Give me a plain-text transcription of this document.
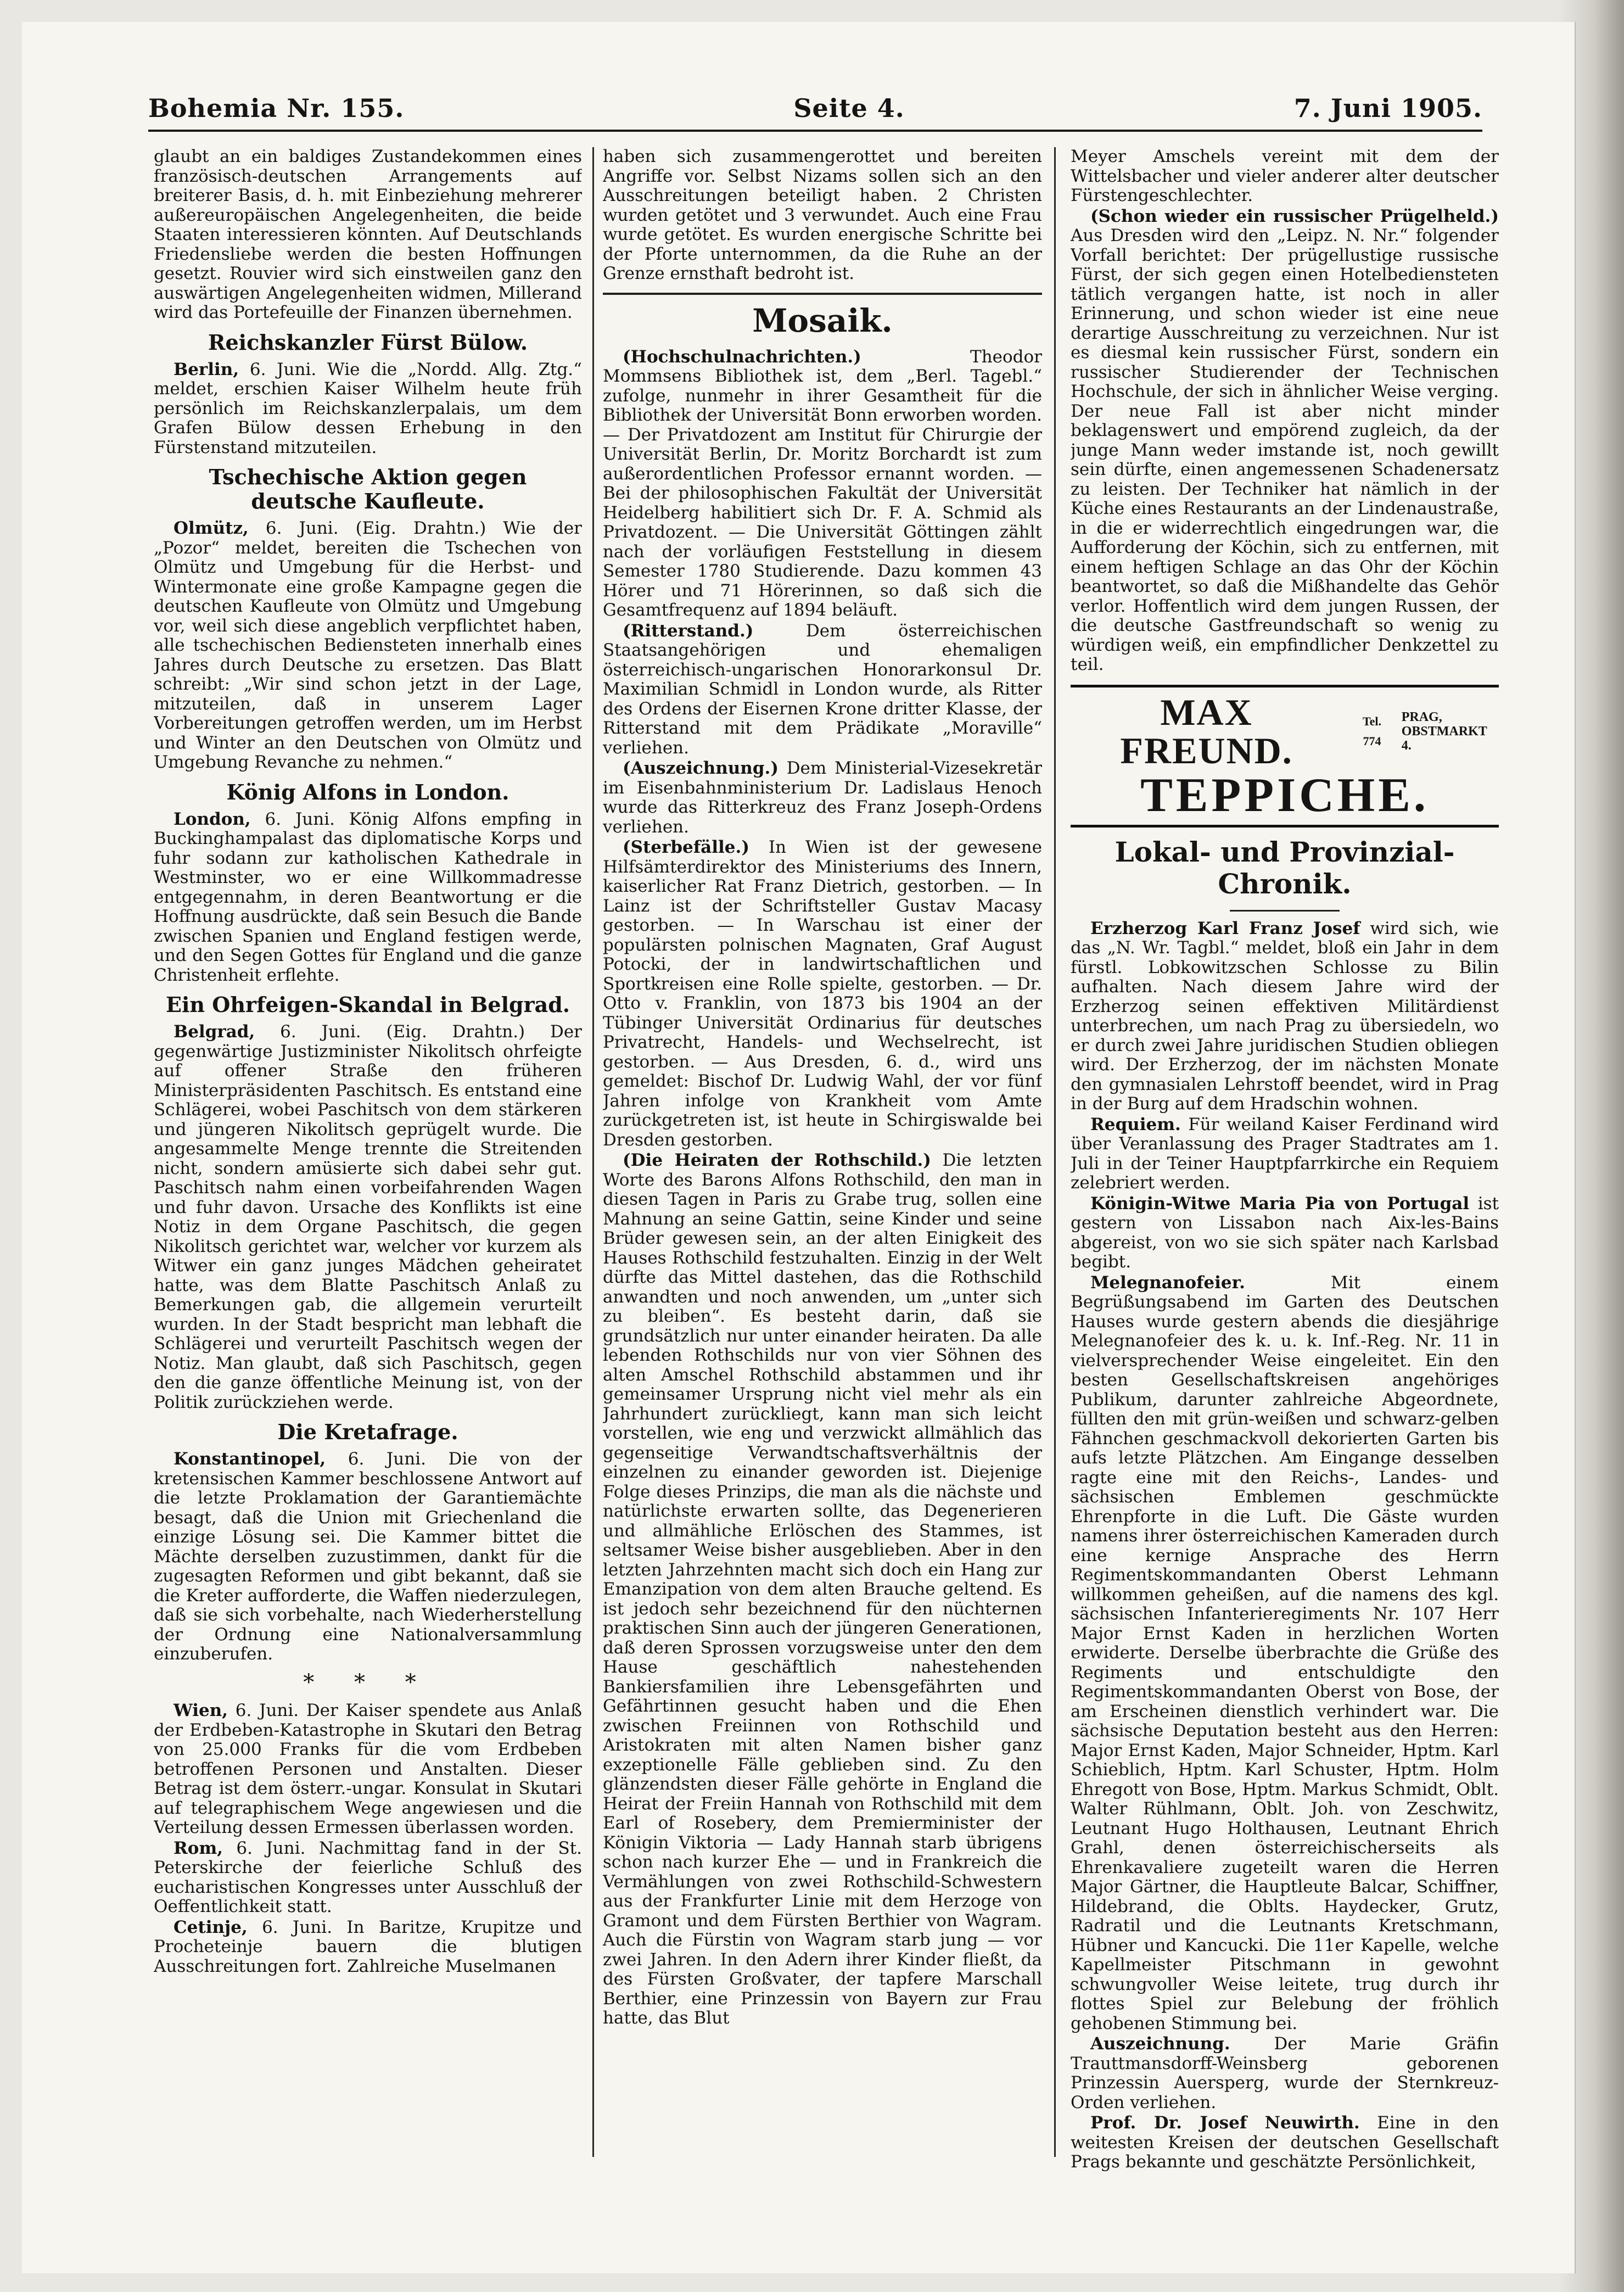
Bohemia Nr. 155.	Seite 4.	7. Juni 1905.

glaubt an ein baldiges Zustandekommen eines französisch-deutschen Arrangements auf breiterer Basis, d. h. mit Einbeziehung mehrerer außereuropäischen Angelegenheiten, die beide Staaten interessieren könnten. Auf Deutschlands Friedensliebe werden die besten Hoffnungen gesetzt. Rouvier wird sich einstweilen ganz den auswärtigen Angelegenheiten widmen, Millerand wird das Portefeuille der Finanzen übernehmen.

Reichskanzler Fürst Bülow.

Berlin, 6. Juni. Wie die „Nordd. Allg. Ztg.“ meldet, erschien Kaiser Wilhelm heute früh persönlich im Reichskanzlerpalais, um dem Grafen Bülow dessen Erhebung in den Fürstenstand mitzuteilen.

Tschechische Aktion gegen deutsche Kaufleute.

Olmütz, 6. Juni. (Eig. Drahtn.) Wie der „Pozor“ meldet, bereiten die Tschechen von Olmütz und Umgebung für die Herbst- und Wintermonate eine große Kampagne gegen die deutschen Kaufleute von Olmütz und Umgebung vor, weil sich diese angeblich verpflichtet haben, alle tschechischen Bediensteten innerhalb eines Jahres durch Deutsche zu ersetzen. Das Blatt schreibt: „Wir sind schon jetzt in der Lage, mitzuteilen, daß in unserem Lager Vorbereitungen getroffen werden, um im Herbst und Winter an den Deutschen von Olmütz und Umgebung Revanche zu nehmen.“

König Alfons in London.

London, 6. Juni. König Alfons empfing in Buckinghampalast das diplomatische Korps und fuhr sodann zur katholischen Kathedrale in Westminster, wo er eine Willkommadresse entgegennahm, in deren Beantwortung er die Hoffnung ausdrückte, daß sein Besuch die Bande zwischen Spanien und England festigen werde, und den Segen Gottes für England und die ganze Christenheit erflehte.

Ein Ohrfeigen-Skandal in Belgrad.

Belgrad, 6. Juni. (Eig. Drahtn.) Der gegenwärtige Justizminister Nikolitsch ohrfeigte auf offener Straße den früheren Ministerpräsidenten Paschitsch. Es entstand eine Schlägerei, wobei Paschitsch von dem stärkeren und jüngeren Nikolitsch geprügelt wurde. Die angesammelte Menge trennte die Streitenden nicht, sondern amüsierte sich dabei sehr gut. Paschitsch nahm einen vorbeifahrenden Wagen und fuhr davon. Ursache des Konflikts ist eine Notiz in dem Organe Paschitsch, die gegen Nikolitsch gerichtet war, welcher vor kurzem als Witwer ein ganz junges Mädchen geheiratet hatte, was dem Blatte Paschitsch Anlaß zu Bemerkungen gab, die allgemein verurteilt wurden. In der Stadt bespricht man lebhaft die Schlägerei und verurteilt Paschitsch wegen der Notiz. Man glaubt, daß sich Paschitsch, gegen den die ganze öffentliche Meinung ist, von der Politik zurückziehen werde.

Die Kretafrage.

Konstantinopel, 6. Juni. Die von der kretensischen Kammer beschlossene Antwort auf die letzte Proklamation der Garantiemächte besagt, daß die Union mit Griechenland die einzige Lösung sei. Die Kammer bittet die Mächte derselben zuzustimmen, dankt für die zugesagten Reformen und gibt bekannt, daß sie die Kreter aufforderte, die Waffen niederzulegen, daß sie sich vorbehalte, nach Wiederherstellung der Ordnung eine Nationalversammlung einzuberufen.

* * *

Wien, 6. Juni. Der Kaiser spendete aus Anlaß der Erdbeben-Katastrophe in Skutari den Betrag von 25.000 Franks für die vom Erdbeben betroffenen Personen und Anstalten. Dieser Betrag ist dem österr.-ungar. Konsulat in Skutari auf telegraphischem Wege angewiesen und die Verteilung dessen Ermessen überlassen worden.

Rom, 6. Juni. Nachmittag fand in der St. Peterskirche der feierliche Schluß des eucharistischen Kongresses unter Ausschluß der Oeffentlichkeit statt.

Cetinje, 6. Juni. In Baritze, Krupitze und Procheteinje bauern die blutigen Ausschreitungen fort. Zahlreiche Muselmanen

haben sich zusammengerottet und bereiten Angriffe vor. Selbst Nizams sollen sich an den Ausschreitungen beteiligt haben. 2 Christen wurden getötet und 3 verwundet. Auch eine Frau wurde getötet. Es wurden energische Schritte bei der Pforte unternommen, da die Ruhe an der Grenze ernsthaft bedroht ist.

Mosaik.

(Hochschulnachrichten.)	Theodor Mommsens Bibliothek ist, dem „Berl. Tagebl.“ zufolge, nunmehr in ihrer Gesamtheit für die Bibliothek der Universität Bonn erworben worden. — Der Privatdozent am Institut für Chirurgie der Universität Berlin, Dr. Moritz Borchardt ist zum außerordentlichen Professor ernannt worden. — Bei der philosophischen Fakultät der Universität Heidelberg habilitiert sich Dr. F. A. Schmid als Privatdozent. — Die Universität Göttingen zählt nach der vorläufigen Feststellung in diesem Semester 1780 Studierende. Dazu kommen 43 Hörer und 71 Hörerinnen, so daß sich die Gesamtfrequenz auf 1894 beläuft.

(Ritterstand.)	Dem österreichischen Staatsangehörigen und ehemaligen österreichisch-ungarischen Honorarkonsul Dr. Maximilian Schmidl in London wurde, als Ritter des Ordens der Eisernen Krone dritter Klasse, der Ritterstand mit dem Prädikate „Moraville“ verliehen.

(Auszeichnung.) Dem Ministerial-Vizesekretär im Eisenbahnministerium Dr. Ladislaus Henoch wurde das Ritterkreuz des Franz Joseph-Ordens verliehen.

(Sterbefälle.) In Wien ist der gewesene Hilfsämterdirektor des Ministeriums des Innern, kaiserlicher Rat Franz Dietrich, gestorben. — In Lainz ist der Schriftsteller Gustav Macasy gestorben. — In Warschau ist einer der populärsten polnischen Magnaten, Graf August Potocki, der in landwirtschaftlichen und Sportkreisen eine Rolle spielte, gestorben. — Dr. Otto v. Franklin, von 1873 bis 1904 an der Tübinger Universität Ordinarius für deutsches Privatrecht, Handels- und Wechselrecht, ist gestorben. — Aus Dresden, 6. d., wird uns gemeldet: Bischof Dr. Ludwig Wahl, der vor fünf Jahren infolge von Krankheit vom Amte zurückgetreten ist, ist heute in Schirgiswalde bei Dresden gestorben.

(Die Heiraten der Rothschild.) Die letzten Worte des Barons Alfons Rothschild, den man in diesen Tagen in Paris zu Grabe trug, sollen eine Mahnung an seine Gattin, seine Kinder und seine Brüder gewesen sein, an der alten Einigkeit des Hauses Rothschild festzuhalten. Einzig in der Welt dürfte das Mittel dastehen, das die Rothschild anwandten und noch anwenden, um „unter sich zu bleiben“. Es besteht darin, daß sie grundsätzlich nur unter einander heiraten. Da alle lebenden Rothschilds nur von vier Söhnen des alten Amschel Rothschild abstammen und ihr gemeinsamer Ursprung nicht viel mehr als ein Jahrhundert zurückliegt, kann man sich leicht vorstellen, wie eng und verzwickt allmählich das gegenseitige Verwandtschaftsverhältnis der einzelnen zu einander geworden ist. Diejenige Folge dieses Prinzips, die man als die nächste und natürlichste erwarten sollte, das Degenerieren und allmähliche Erlöschen des Stammes, ist seltsamer Weise bisher ausgeblieben. Aber in den letzten Jahrzehnten macht sich doch ein Hang zur Emanzipation von dem alten Brauche geltend. Es ist jedoch sehr bezeichnend für den nüchternen praktischen Sinn auch der jüngeren Generationen, daß deren Sprossen vorzugsweise unter den dem Hause geschäftlich nahestehenden Bankiersfamilien ihre Lebensgefährten und Gefährtinnen gesucht haben und die Ehen zwischen Freiinnen von Rothschild und Aristokraten mit alten Namen bisher ganz exzeptionelle Fälle geblieben sind. Zu den glänzendsten dieser Fälle gehörte in England die Heirat der Freiin Hannah von Rothschild mit dem Earl of Rosebery, dem Premierminister der Königin Viktoria — Lady Hannah starb übrigens schon nach kurzer Ehe — und in Frankreich die Vermählungen von zwei Rothschild-Schwestern aus der Frankfurter Linie mit dem Herzoge von Gramont und dem Fürsten Berthier von Wagram. Auch die Fürstin von Wagram starb jung — vor zwei Jahren. In den Adern ihrer Kinder fließt, da des Fürsten Großvater, der tapfere Marschall Berthier, eine Prinzessin von Bayern zur Frau hatte, das Blut

Meyer Amschels vereint mit dem der Wittelsbacher und vieler anderer alter deutscher Fürstengeschlechter.

(Schon wieder ein russischer Prügelheld.) Aus Dresden wird den „Leipz. N. Nr.“ folgender Vorfall berichtet: Der prügellustige russische Fürst, der sich gegen einen Hotelbediensteten tätlich vergangen hatte, ist noch in aller Erinnerung, und schon wieder ist eine neue derartige Ausschreitung zu verzeichnen. Nur ist es diesmal kein russischer Fürst, sondern ein russischer Studierender der Technischen Hochschule, der sich in ähnlicher Weise verging. Der neue Fall ist aber nicht minder beklagenswert und empörend zugleich, da der junge Mann weder imstande ist, noch gewillt sein dürfte, einen angemessenen Schadenersatz zu leisten. Der Techniker hat nämlich in der Küche eines Restaurants an der Lindenaustraße, in die er widerrechtlich eingedrungen war, die Aufforderung der Köchin, sich zu entfernen, mit einem heftigen Schlage an das Ohr der Köchin beantwortet, so daß die Mißhandelte das Gehör verlor. Hoffentlich wird dem jungen Russen, der die deutsche Gastfreundschaft so wenig zu würdigen weiß, ein empfindlicher Denkzettel zu teil.

MAX FREUND.
Tel. 774
PRAG,
OBSTMARKT 4.
TEPPICHE.
Lokal- und Provinzial-Chronik.

Erzherzog Karl Franz Josef wird sich, wie das „N. Wr. Tagbl.“ meldet, bloß ein Jahr in dem fürstl. Lobkowitzschen Schlosse zu Bilin aufhalten. Nach diesem Jahre wird der Erzherzog seinen effektiven Militärdienst unterbrechen, um nach Prag zu übersiedeln, wo er durch zwei Jahre juridischen Studien obliegen wird. Der Erzherzog, der im nächsten Monate den gymnasialen Lehrstoff beendet, wird in Prag in der Burg auf dem Hradschin wohnen.

Requiem. Für weiland Kaiser Ferdinand wird über Veranlassung des Prager Stadtrates am 1. Juli in der Teiner Hauptpfarrkirche ein Requiem zelebriert werden.

Königin-Witwe Maria Pia von Portugal ist gestern von Lissabon nach Aix-les-Bains abgereist, von wo sie sich später nach Karlsbad begibt.

Melegnanofeier.	Mit einem Begrüßungsabend im Garten des Deutschen Hauses wurde gestern abends die diesjährige Melegnanofeier des k. u. k. Inf.-Reg. Nr. 11 in vielversprechender Weise eingeleitet. Ein den besten Gesellschaftskreisen angehöriges Publikum, darunter zahlreiche Abgeordnete, füllten den mit grün-weißen und schwarz-gelben Fähnchen geschmackvoll dekorierten Garten bis aufs letzte Plätzchen. Am Eingange desselben ragte eine mit den Reichs-, Landes- und sächsischen Emblemen geschmückte Ehrenpforte in die Luft. Die Gäste wurden namens ihrer österreichischen Kameraden durch eine kernige Ansprache des Herrn Regimentskommandanten Oberst Lehmann willkommen geheißen, auf die namens des kgl. sächsischen Infanterieregiments Nr. 107 Herr Major Ernst Kaden in herzlichen Worten erwiderte. Derselbe überbrachte die Grüße des Regiments und entschuldigte den Regimentskommandanten Oberst von Bose, der am Erscheinen dienstlich verhindert war. Die sächsische Deputation besteht aus den Herren: Major Ernst Kaden, Major Schneider, Hptm. Karl Schieblich, Hptm. Karl Schuster, Hptm. Holm Ehregott von Bose, Hptm. Markus Schmidt, Oblt. Walter Rühlmann, Oblt. Joh. von Zeschwitz, Leutnant Hugo Holthausen, Leutnant Ehrich Grahl, denen österreichischerseits als Ehrenkavaliere zugeteilt waren die Herren Major Gärtner, die Hauptleute Balcar, Schiffner, Hildebrand, die Oblts. Haydecker, Grutz, Radratil und die Leutnants Kretschmann, Hübner und Kancucki. Die 11er Kapelle, welche Kapellmeister Pitschmann in gewohnt schwungvoller Weise leitete, trug durch ihr flottes Spiel zur Belebung der fröhlich gehobenen Stimmung bei.

Auszeichnung.	Der Marie Gräfin Trauttmansdorff-Weinsberg geborenen Prinzessin Auersperg, wurde der Sternkreuz-Orden verliehen.

Prof. Dr. Josef Neuwirth. Eine in den weitesten Kreisen der deutschen Gesellschaft Prags bekannte und geschätzte Persönlichkeit,
